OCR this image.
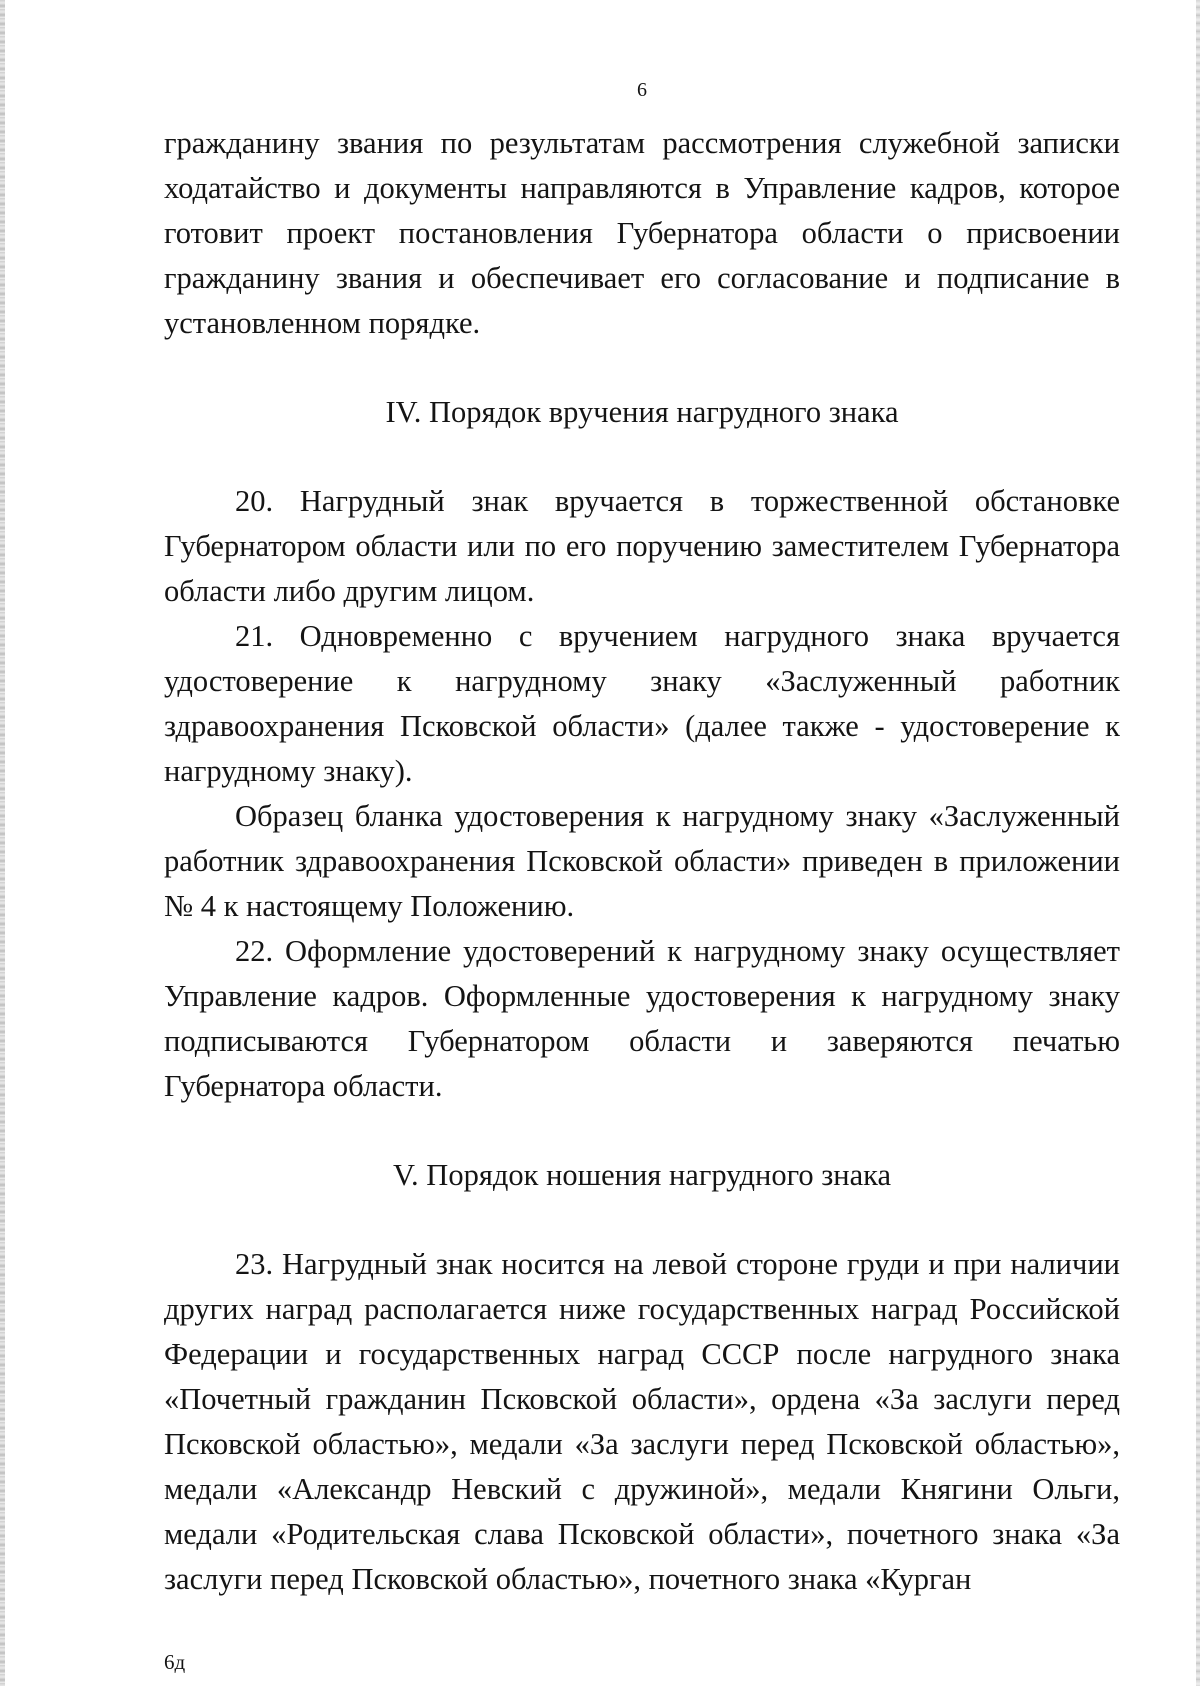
6

гражданину звания по результатам рассмотрения служебной записки ходатайство и документы направляются в Управление кадров, которое готовит проект постановления Губернатора области о присвоении гражданину звания и обеспечивает его согласование и подписание в установленном порядке.

IV. Порядок вручения нагрудного знака

20. Нагрудный знак вручается в торжественной обстановке Губернатором области или по его поручению заместителем Губернатора области либо другим лицом.

21. Одновременно с вручением нагрудного знака вручается удостоверение к нагрудному знаку «Заслуженный работник здравоохранения Псковской области» (далее также - удостоверение к нагрудному знаку).

Образец бланка удостоверения к нагрудному знаку «Заслуженный работник здравоохранения Псковской области» приведен в приложении № 4 к настоящему Положению.

22. Оформление удостоверений к нагрудному знаку осуществляет Управление кадров. Оформленные удостоверения к нагрудному знаку подписываются Губернатором области и заверяются печатью Губернатора области.

V. Порядок ношения нагрудного знака

23. Нагрудный знак носится на левой стороне груди и при наличии других наград располагается ниже государственных наград Российской Федерации и государственных наград СССР после нагрудного знака «Почетный гражданин Псковской области», ордена «За заслуги перед Псковской областью», медали «За заслуги перед Псковской областью», медали «Александр Невский с дружиной», медали Княгини Ольги, медали «Родительская слава Псковской области», почетного знака «За заслуги перед Псковской областью», почетного знака «Курган

6д
